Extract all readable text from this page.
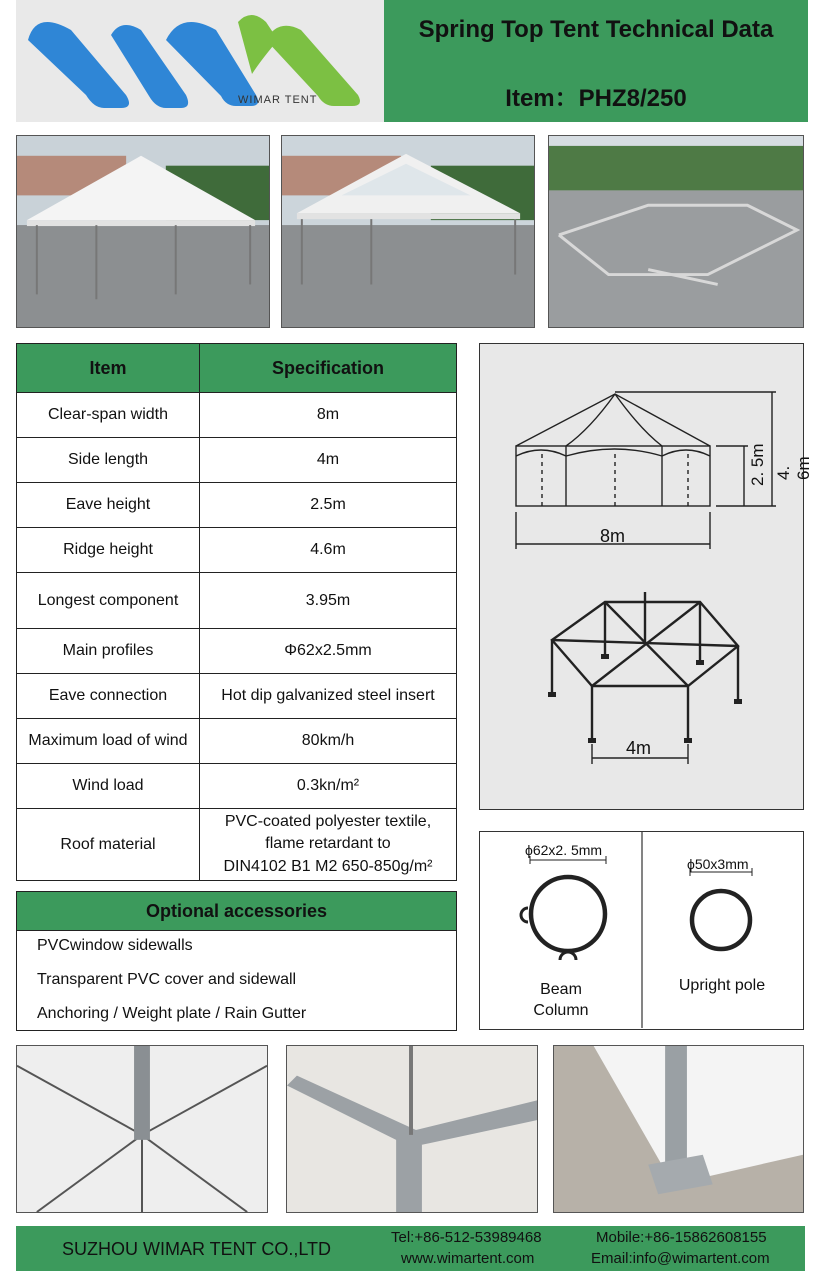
WIMAR TENT
Spring Top Tent Technical Data
Item：PHZ8/250
Item	Specification
Clear-span width	8m
Side length	4m
Eave height	2.5m
Ridge height	4.6m
Longest component	3.95m
Main profiles	Φ62x2.5mm
Eave connection	Hot dip galvanized steel insert
Maximum load of wind	80km/h
Wind load	0.3kn/m²
Roof material	PVC-coated polyester textile,
flame retardant to
DIN4102 B1 M2 650-850g/m²
Optional accessories
PVCwindow sidewalls
Transparent PVC cover and sidewall
Anchoring / Weight plate / Rain Gutter
2. 5m 4. 6m
8m
4m
ϕ62x2. 5mm
ϕ50x3mm
Beam
Column
Upright pole
SUZHOU WIMAR TENT CO.,LTD
Tel:+86-512-53989468
www.wimartent.com
Mobile:+86-15862608155
Email:info@wimartent.com
